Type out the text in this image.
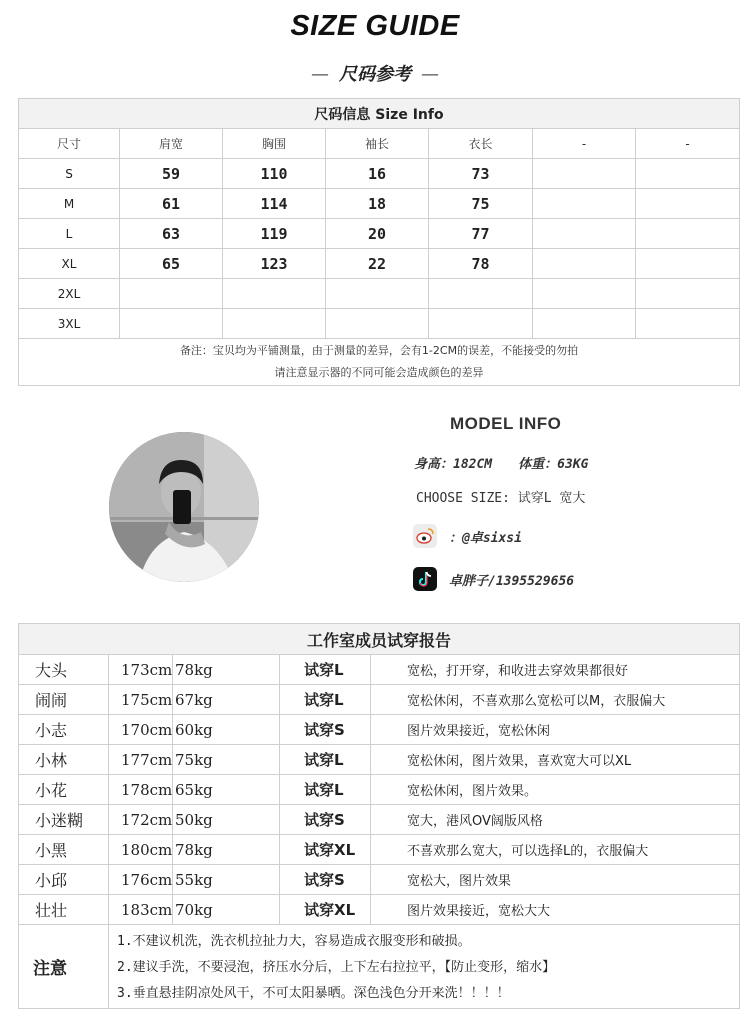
SIZE GUIDE
— 尺码参考 —
尺码信息 Size Info						
尺寸	肩宽	胸围	袖长	衣长	-	-
S	59	110	16	73		
M	61	114	18	75		
L	63	119	20	77		
XL	65	123	22	78		
2XL						
3XL						

备注：宝贝均为平铺测量，由于测量的差异，会有1-2CM的误差，不能接受的勿拍
请注意显示器的不同可能会造成颜色的差异						
MODEL INFO
身高：182CM 体重：63KG
CHOOSE SIZE: 试穿L 宽大
：@卓sixsi
卓胖子/1395529656
工作室成员试穿报告				
大头	173cm	78kg	试穿L	宽松，打开穿，和收进去穿效果都很好
闹闹	175cm	67kg	试穿L	宽松休闲，不喜欢那么宽松可以M，衣服偏大
小志	170cm	60kg	试穿S	图片效果接近，宽松休闲
小林	177cm	75kg	试穿L	宽松休闲，图片效果，喜欢宽大可以XL
小花	178cm	65kg	试穿L	宽松休闲，图片效果。
小迷糊	172cm	50kg	试穿S	宽大，港风OV阔版风格
小黑	180cm	78kg	试穿XL	不喜欢那么宽大，可以选择L的，衣服偏大
小邱	176cm	55kg	试穿S	宽松大，图片效果
壮壮	183cm	70kg	试穿XL	图片效果接近，宽松大大
注意	1.不建议机洗，洗衣机拉扯力大，容易造成衣服变形和破损。
2.建议手洗，不要浸泡，挤压水分后，上下左右拉拉平，【防止变形，缩水】
3.垂直悬挂阴凉处风干，不可太阳暴晒。深色浅色分开来洗！！！！			
